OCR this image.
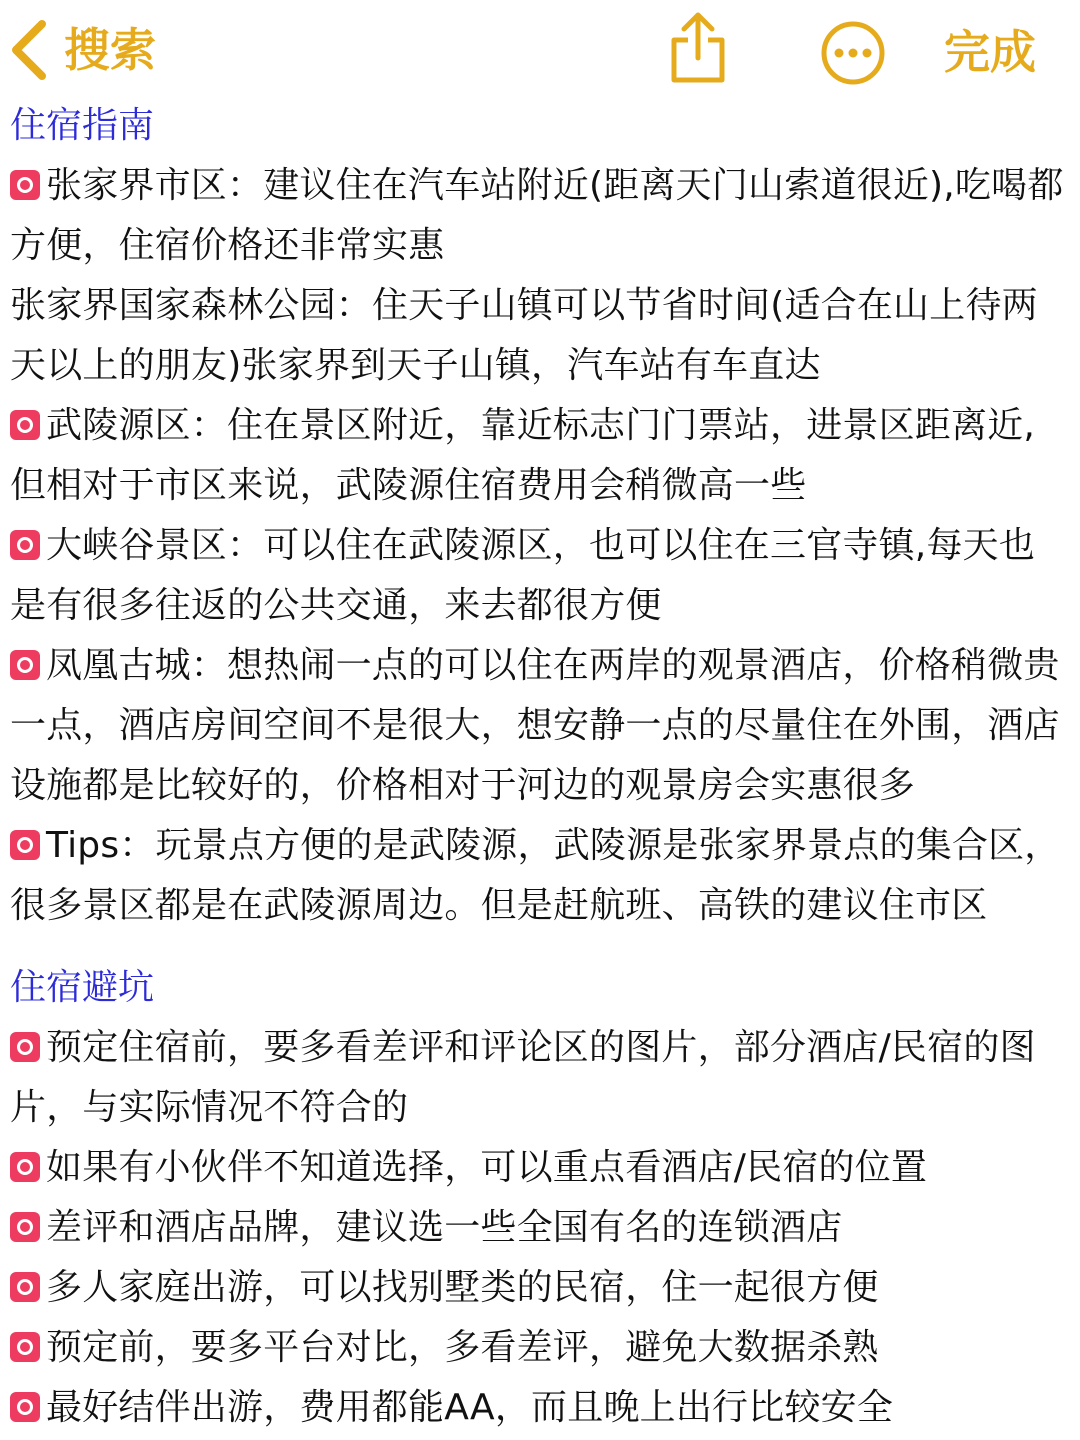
搜索	完成
住宿指南

张家界市区：建议住在汽车站附近(距离天门山索道很近),吃喝都方便，住宿价格还非常实惠

张家界国家森林公园：住天子山镇可以节省时间(适合在山上待两天以上的朋友)张家界到天子山镇，汽车站有车直达

武陵源区：住在景区附近，靠近标志门门票站，进景区距离近,但相对于市区来说，武陵源住宿费用会稍微高一些

大峡谷景区：可以住在武陵源区，也可以住在三官寺镇,每天也是有很多往返的公共交通，来去都很方便

凤凰古城：想热闹一点的可以住在两岸的观景酒店，价格稍微贵一点，酒店房间空间不是很大，想安静一点的尽量住在外围，酒店设施都是比较好的，价格相对于河边的观景房会实惠很多

Tips：玩景点方便的是武陵源，武陵源是张家界景点的集合区，很多景区都是在武陵源周边。但是赶航班、高铁的建议住市区

住宿避坑

预定住宿前，要多看差评和评论区的图片，部分酒店/民宿的图片，与实际情况不符合的

如果有小伙伴不知道选择，可以重点看酒店/民宿的位置

差评和酒店品牌，建议选一些全国有名的连锁酒店

多人家庭出游，可以找别墅类的民宿，住一起很方便

预定前，要多平台对比，多看差评，避免大数据杀熟

最好结伴出游，费用都能AA，而且晚上出行比较安全
